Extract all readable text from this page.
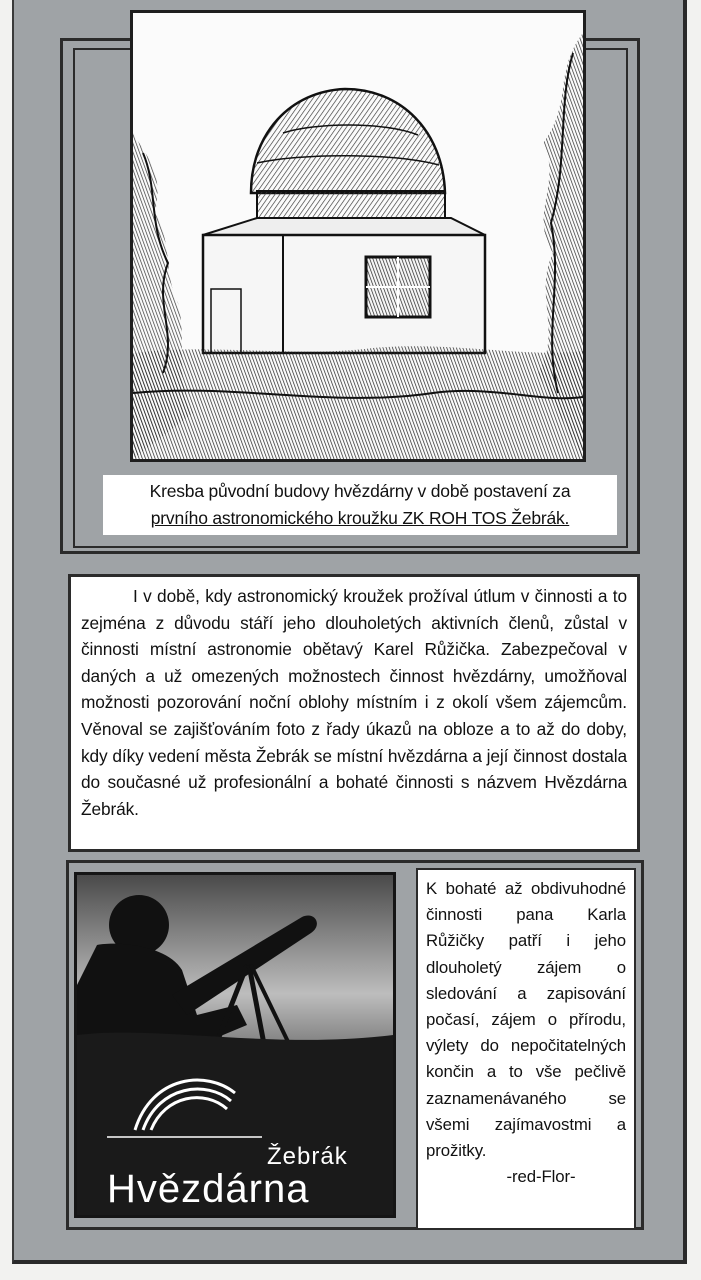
Kresba původní budovy hvězdárny v době postavení za
prvního astronomického kroužku ZK ROH TOS Žebrák.

I v době, kdy astronomický kroužek prožíval útlum v činnosti a to zejména z důvodu stáří jeho dlouholetých aktivních členů, zůstal v činnosti místní astronomie obětavý Karel Růžička. Zabezpečoval v daných a už omezených možnostech činnost hvězdárny, umožňoval možnosti pozorování noční oblohy místním i z okolí všem zájemcům. Věnoval se zajišťováním foto z řady úkazů na obloze a to až do doby, kdy díky vedení města Žebrák se místní hvězdárna a její činnost dostala do současné už profesionální a bohaté činnosti s názvem Hvězdárna Žebrák.

Žebrák
Hvězdárna
K bohaté až obdivuhodné činnosti pana Karla Růžičky patří i jeho dlouholetý zájem o sledování a zapisování počasí, zájem o přírodu, výlety do nepočitatelných končin a to vše pečlivě zaznamenávaného se všemi zajímavostmi a prožitky.
-red-Flor-
